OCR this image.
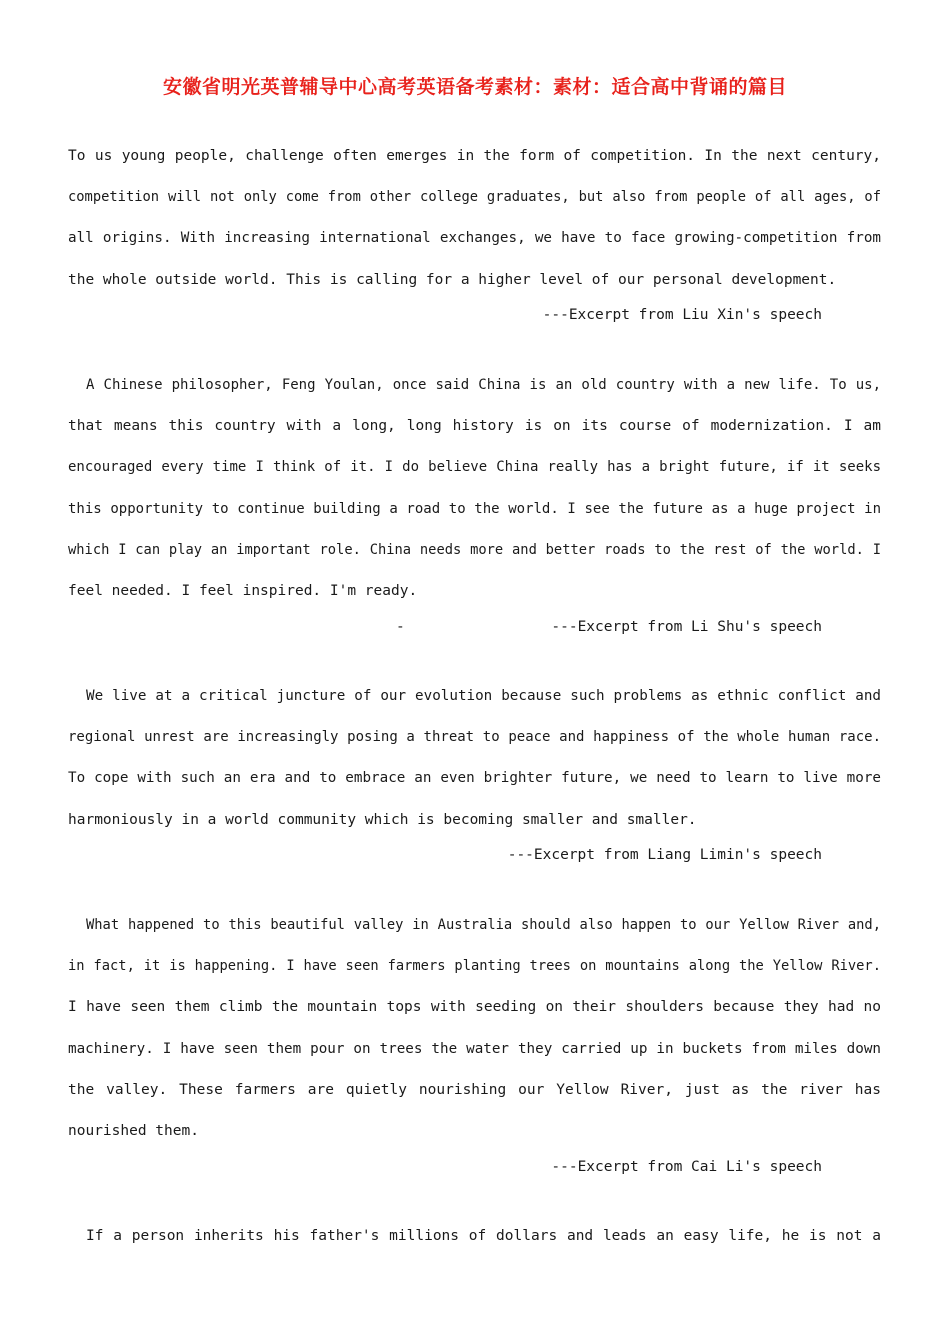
安徽省明光英普辅导中心高考英语备考素材：素材：适合高中背诵的篇目
To us young people, challenge often emerges in the form of competition. In the next century,
competition will not only come from other college graduates, but also from people of all ages, of
all origins. With increasing international exchanges, we have to face growing-competition from
the whole outside world. This is calling for a higher level of our personal development.
---Excerpt from Liu Xin's speech
A Chinese philosopher, Feng Youlan, once said China is an old country with a new life. To us,
that means this country with a long, long history is on its course of modernization. I am
encouraged every time I think of it. I do believe China really has a bright future, if it seeks
this opportunity to continue building a road to the world. I see the future as a huge project in
which I can play an important role. China needs more and better roads to the rest of the world. I
feel needed. I feel inspired. I'm ready.
-	---Excerpt from Li Shu's speech
We live at a critical juncture of our evolution because such problems as ethnic conflict and
regional unrest are increasingly posing a threat to peace and happiness of the whole human race.
To cope with such an era and to embrace an even brighter future, we need to learn to live more
harmoniously in a world community which is becoming smaller and smaller.
---Excerpt from Liang Limin's speech
What happened to this beautiful valley in Australia should also happen to our Yellow River and,
in fact, it is happening. I have seen farmers planting trees on mountains along the Yellow River.
I have seen them climb the mountain tops with seeding on their shoulders because they had no
machinery. I have seen them pour on trees the water they carried up in buckets from miles down
the valley. These farmers are quietly nourishing our Yellow River, just as the river has
nourished them.
---Excerpt from Cai Li's speech
If a person inherits his father's millions of dollars and leads an easy life, he is not a
